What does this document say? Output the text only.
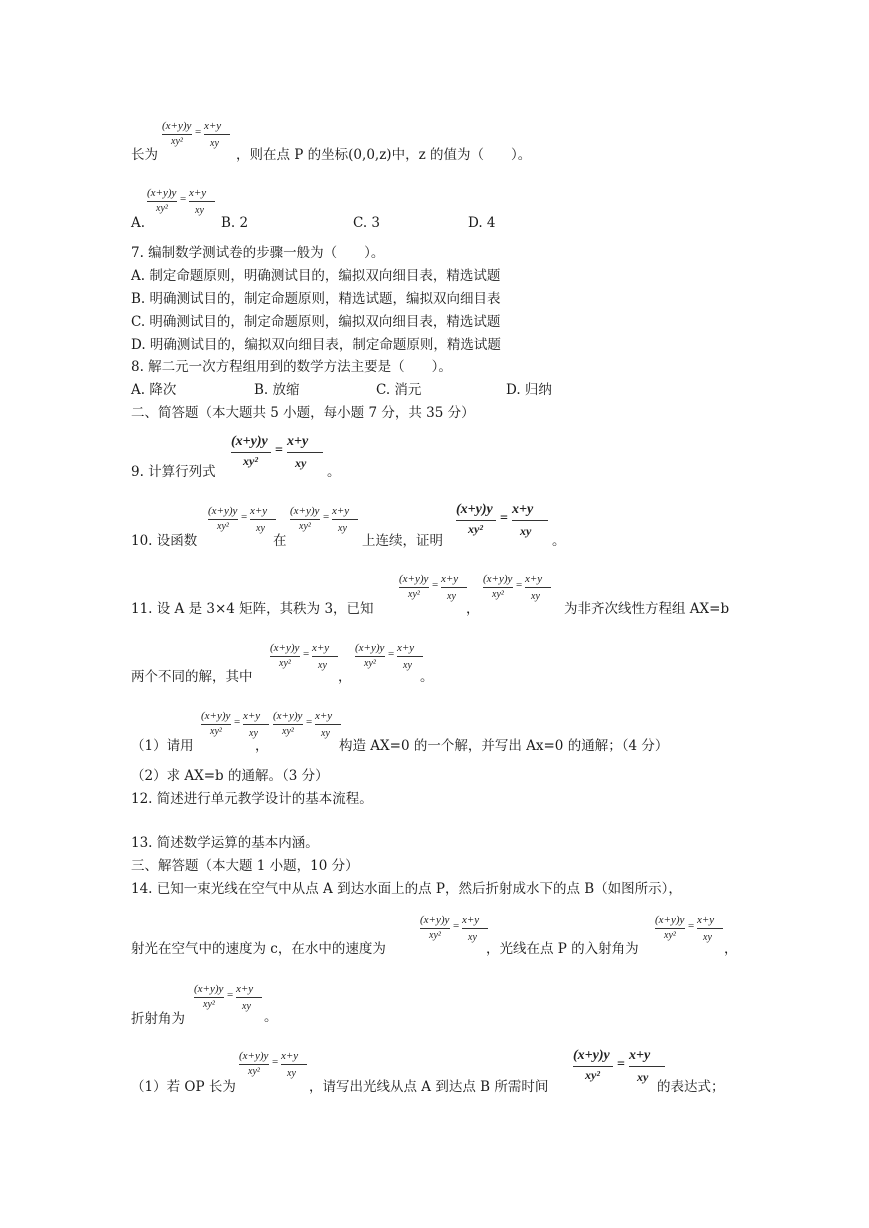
(x+y)y
xy²
= x+y
xy
长为	，则在点 P 的坐标(0,0,z)中，z 的值为（　　）。
(x+y)y
xy²
= x+y
xy
A.	B. 2	C. 3	D. 4
7. 编制数学测试卷的步骤一般为（　　）。
A. 制定命题原则，明确测试目的，编拟双向细目表，精选试题
B. 明确测试目的，制定命题原则，精选试题，编拟双向细目表
C. 明确测试目的，制定命题原则，编拟双向细目表，精选试题
D. 明确测试目的，编拟双向细目表，制定命题原则，精选试题
8. 解二元一次方程组用到的数学方法主要是（　　）。
A. 降次	B. 放缩	C. 消元	D. 归纳
二、简答题（本大题共 5 小题，每小题 7 分，共 35 分）
(x+y)y
xy²
=
x+y
xy
9. 计算行列式	。
10. 设函数
(x+y)y
xy²
= x+y
xy
在
(x+y)y
xy²
= x+y
xy
上连续，证明
(x+y)y
xy²
=
x+y
xy
。
(x+y)y
xy²
= x+y
xy
(x+y)y
xy²
= x+y
xy
11. 设 A 是 3×4 矩阵，其秩为 3，已知	，	为非齐次线性方程组 AX=b
(x+y)y
xy²
= x+y
xy
(x+y)y
xy²
= x+y
xy
两个不同的解，其中	，	。
(x+y)y
xy²
= x+y
xy
(x+y)y
xy²
= x+y
xy
（1）请用	，	构造 AX=0 的一个解，并写出 Ax=0 的通解；（4 分）
（2）求 AX=b 的通解。（3 分）
12. 简述进行单元教学设计的基本流程。
13. 简述数学运算的基本内涵。
三、解答题（本大题 1 小题，10 分）
14. 已知一束光线在空气中从点 A 到达水面上的点 P，然后折射成水下的点 B（如图所示），
(x+y)y
xy²
= x+y
xy
(x+y)y
xy²
= x+y
xy
射光在空气中的速度为 c，在水中的速度为	，光线在点 P 的入射角为	，
(x+y)y
xy²
= x+y
xy
折射角为	。
(x+y)y
xy²
= x+y
xy
(x+y)y
xy²
=
x+y
xy
（1）若 OP 长为	，请写出光线从点 A 到达点 B 所需时间	的表达式；
